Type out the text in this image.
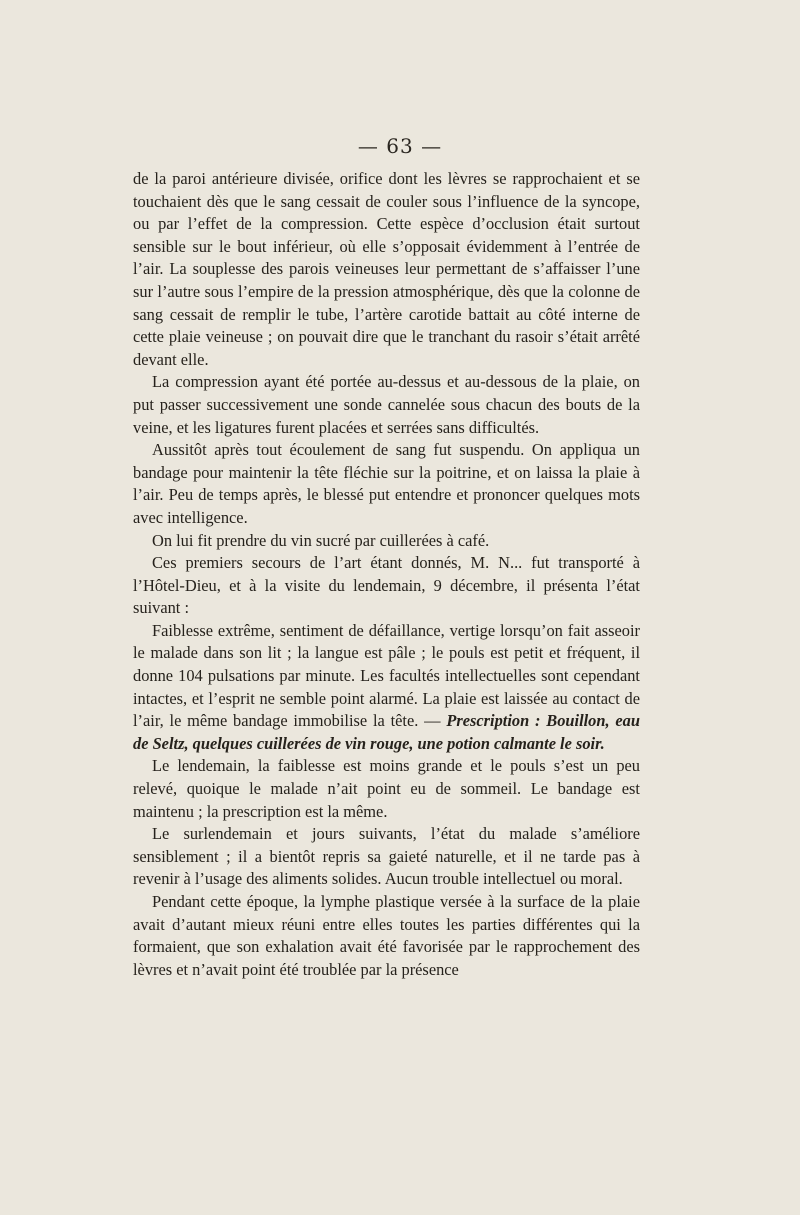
— 63 —

de la paroi antérieure divisée, orifice dont les lèvres se rapprochaient et se touchaient dès que le sang cessait de couler sous l’influence de la syncope, ou par l’effet de la compression. Cette espèce d’occlusion était surtout sensible sur le bout inférieur, où elle s’opposait évidemment à l’entrée de l’air. La souplesse des parois veineuses leur permettant de s’affaisser l’une sur l’autre sous l’empire de la pression atmosphérique, dès que la colonne de sang cessait de remplir le tube, l’artère carotide battait au côté interne de cette plaie veineuse ; on pouvait dire que le tranchant du rasoir s’était arrêté devant elle.

La compression ayant été portée au-dessus et au-dessous de la plaie, on put passer successivement une sonde cannelée sous chacun des bouts de la veine, et les ligatures furent placées et serrées sans difficultés.

Aussitôt après tout écoulement de sang fut suspendu. On appliqua un bandage pour maintenir la tête fléchie sur la poitrine, et on laissa la plaie à l’air. Peu de temps après, le blessé put entendre et prononcer quelques mots avec intelligence.

On lui fit prendre du vin sucré par cuillerées à café.

Ces premiers secours de l’art étant donnés, M. N... fut transporté à l’Hôtel-Dieu, et à la visite du lendemain, 9 décembre, il présenta l’état suivant :

Faiblesse extrême, sentiment de défaillance, vertige lorsqu’on fait asseoir le malade dans son lit ; la langue est pâle ; le pouls est petit et fréquent, il donne 104 pulsations par minute. Les facultés intellectuelles sont cependant intactes, et l’esprit ne semble point alarmé. La plaie est laissée au contact de l’air, le même bandage immobilise la tête. — Prescription : Bouillon, eau de Seltz, quelques cuillerées de vin rouge, une potion calmante le soir.

Le lendemain, la faiblesse est moins grande et le pouls s’est un peu relevé, quoique le malade n’ait point eu de sommeil. Le bandage est maintenu ; la prescription est la même.

Le surlendemain et jours suivants, l’état du malade s’améliore sensiblement ; il a bientôt repris sa gaieté naturelle, et il ne tarde pas à revenir à l’usage des aliments solides. Aucun trouble intellectuel ou moral.

Pendant cette époque, la lymphe plastique versée à la surface de la plaie avait d’autant mieux réuni entre elles toutes les parties différentes qui la formaient, que son exhalation avait été favorisée par le rapprochement des lèvres et n’avait point été troublée par la présence
